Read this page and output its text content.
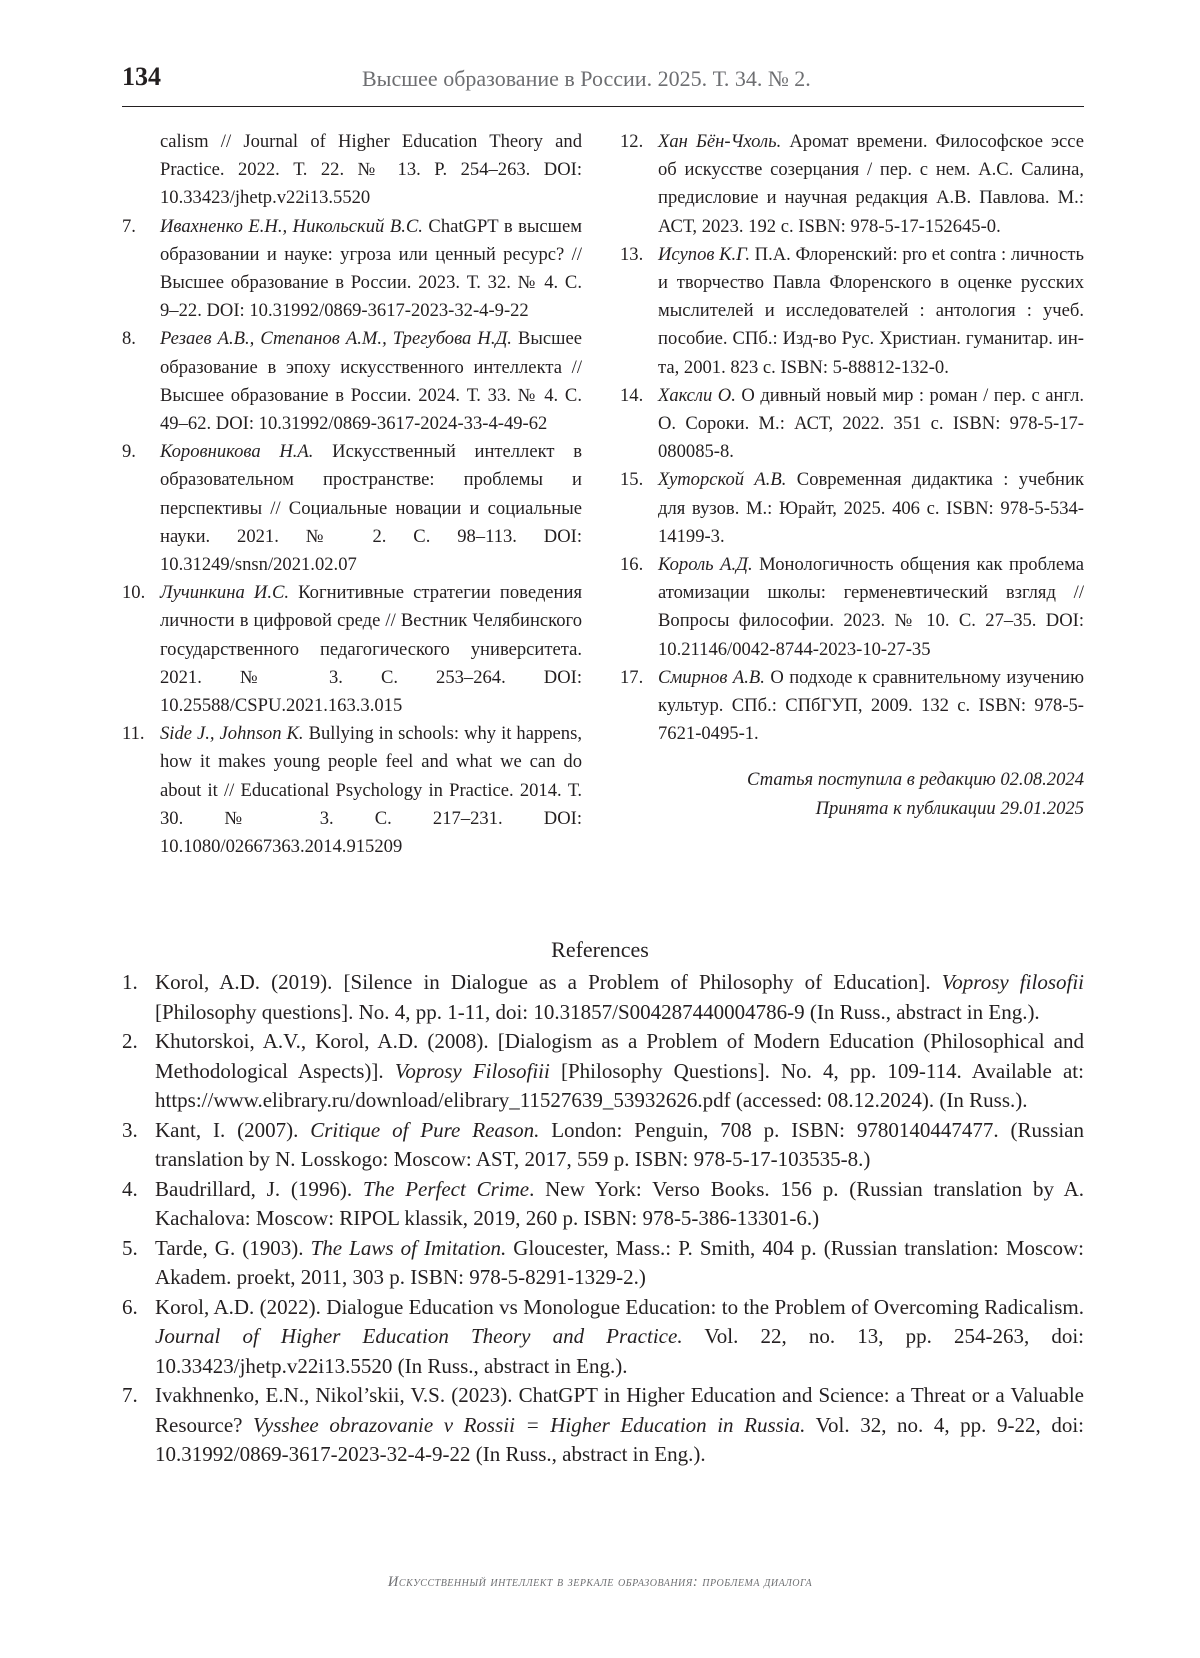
134	Высшее образование в России. 2025. Т. 34. № 2.
calism // Journal of Higher Education Theory and Practice. 2022. Т. 22. № 13. P. 254–263. DOI: 10.33423/jhetp.v22i13.5520
7.	Ивахненко Е.Н., Никольский В.С. ChatGPT в высшем образовании и науке: угроза или ценный ресурс? // Высшее образование в России. 2023. Т. 32. № 4. С. 9–22. DOI: 10.31992/0869-3617-2023-32-4-9-22
8.	Резаев А.В., Степанов А.М., Трегубова Н.Д. Высшее образование в эпоху искусственного интеллекта // Высшее образование в России. 2024. Т. 33. № 4. С. 49–62. DOI: 10.31992/0869-3617-2024-33-4-49-62
9.	Коровникова Н.А. Искусственный интеллект в образовательном пространстве: проблемы и перспективы // Социальные новации и социальные науки. 2021. № 2. С. 98–113. DOI: 10.31249/snsn/2021.02.07
10. Лучинкина И.С. Когнитивные стратегии поведения личности в цифровой среде // Вестник Челябинского государственного педагогического университета. 2021. № 3. С. 253–264. DOI: 10.25588/CSPU.2021.163.3.015
11. Side J., Johnson K. Bullying in schools: why it happens, how it makes young people feel and what we can do about it // Educational Psychology in Practice. 2014. Т. 30. № 3. С. 217–231. DOI: 10.1080/02667363.2014.915209
12. Хан Бён-Чхоль. Аромат времени. Философское эссе об искусстве созерцания / пер. с нем. А.С. Салина, предисловие и научная редакция А.В. Павлова. М.: АСТ, 2023. 192 с. ISBN: 978-5-17-152645-0.
13. Исупов К.Г. П.А. Флоренский: pro et contra : личность и творчество Павла Флоренского в оценке русских мыслителей и исследователей : антология : учеб. пособие. СПб.: Изд-во Рус. Христиан. гуманитар. ин-та, 2001. 823 с. ISBN: 5-88812-132-0.
14. Хаксли О. О дивный новый мир : роман / пер. с англ. О. Сороки. М.: АСТ, 2022. 351 с. ISBN: 978-5-17-080085-8.
15. Хуторской А.В. Современная дидактика : учебник для вузов. М.: Юрайт, 2025. 406 с. ISBN: 978-5-534-14199-3.
16. Король А.Д. Монологичность общения как проблема атомизации школы: герменевтический взгляд // Вопросы философии. 2023. № 10. С. 27–35. DOI: 10.21146/0042-8744-2023-10-27-35
17. Смирнов А.В. О подходе к сравнительному изучению культур. СПб.: СПбГУП, 2009. 132 с. ISBN: 978-5-7621-0495-1.
Статья поступила в редакцию 02.08.2024
Принята к публикации 29.01.2025
References
1. Korol, A.D. (2019). [Silence in Dialogue as a Problem of Philosophy of Education]. Voprosy filosofii [Philosophy questions]. No. 4, pp. 1-11, doi: 10.31857/S004287440004786-9 (In Russ., abstract in Eng.).
2. Khutorskoi, A.V., Korol, A.D. (2008). [Dialogism as a Problem of Modern Education (Philosophical and Methodological Aspects)]. Voprosy Filosofiii [Philosophy Questions]. No. 4, pp. 109-114. Available at: https://www.elibrary.ru/download/elibrary_11527639_53932626.pdf (accessed: 08.12.2024). (In Russ.).
3. Kant, I. (2007). Critique of Pure Reason. London: Penguin, 708 p. ISBN: 9780140447477. (Russian translation by N. Losskogo: Moscow: AST, 2017, 559 p. ISBN: 978-5-17-103535-8.)
4. Baudrillard, J. (1996). The Perfect Crime. New York: Verso Books. 156 p. (Russian translation by A. Kachalova: Moscow: RIPOL klassik, 2019, 260 p. ISBN: 978-5-386-13301-6.)
5. Tarde, G. (1903). The Laws of Imitation. Gloucester, Mass.: P. Smith, 404 p. (Russian translation: Moscow: Akadem. proekt, 2011, 303 p. ISBN: 978-5-8291-1329-2.)
6. Korol, A.D. (2022). Dialogue Education vs Monologue Education: to the Problem of Overcoming Radicalism. Journal of Higher Education Theory and Practice. Vol. 22, no. 13, pp. 254-263, doi: 10.33423/jhetp.v22i13.5520 (In Russ., abstract in Eng.).
7. Ivakhnenko, E.N., Nikol’skii, V.S. (2023). ChatGPT in Higher Education and Science: a Threat or a Valuable Resource? Vysshee obrazovanie v Rossii = Higher Education in Russia. Vol. 32, no. 4, pp. 9-22, doi: 10.31992/0869-3617-2023-32-4-9-22 (In Russ., abstract in Eng.).
Искусственный интеллект в зеркале образования: проблема диалога
